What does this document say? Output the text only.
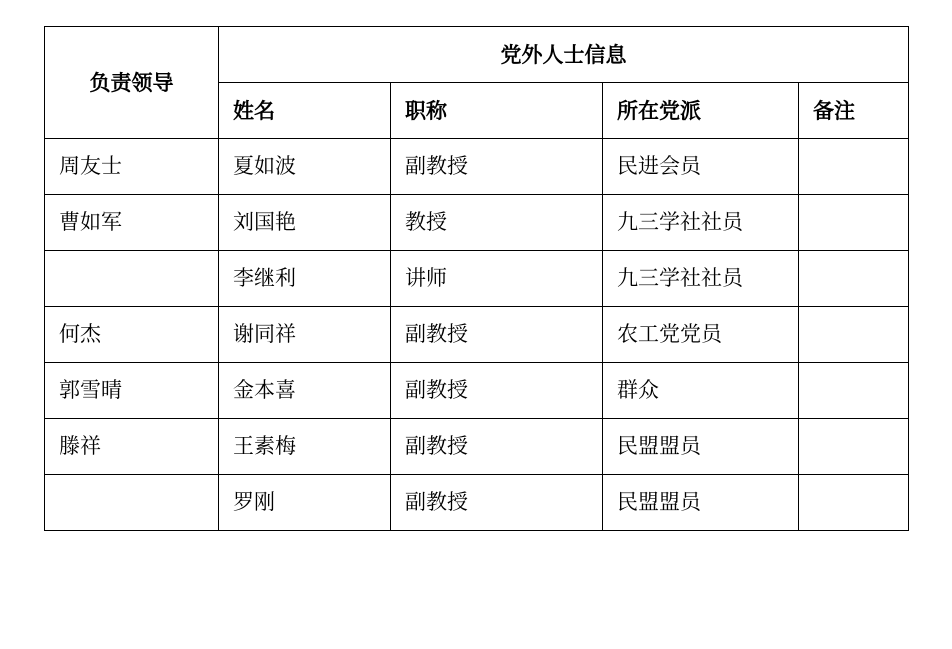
负责领导	党外人士信息			

	姓名	职称	所在党派	备注

周友士	夏如波	副教授	民进会员	

曹如军	刘国艳	教授	九三学社社员	

	李继利	讲师	九三学社社员	

何杰	谢同祥	副教授	农工党党员	

郭雪晴	金本喜	副教授	群众	

滕祥	王素梅	副教授	民盟盟员	

	罗刚	副教授	民盟盟员	
